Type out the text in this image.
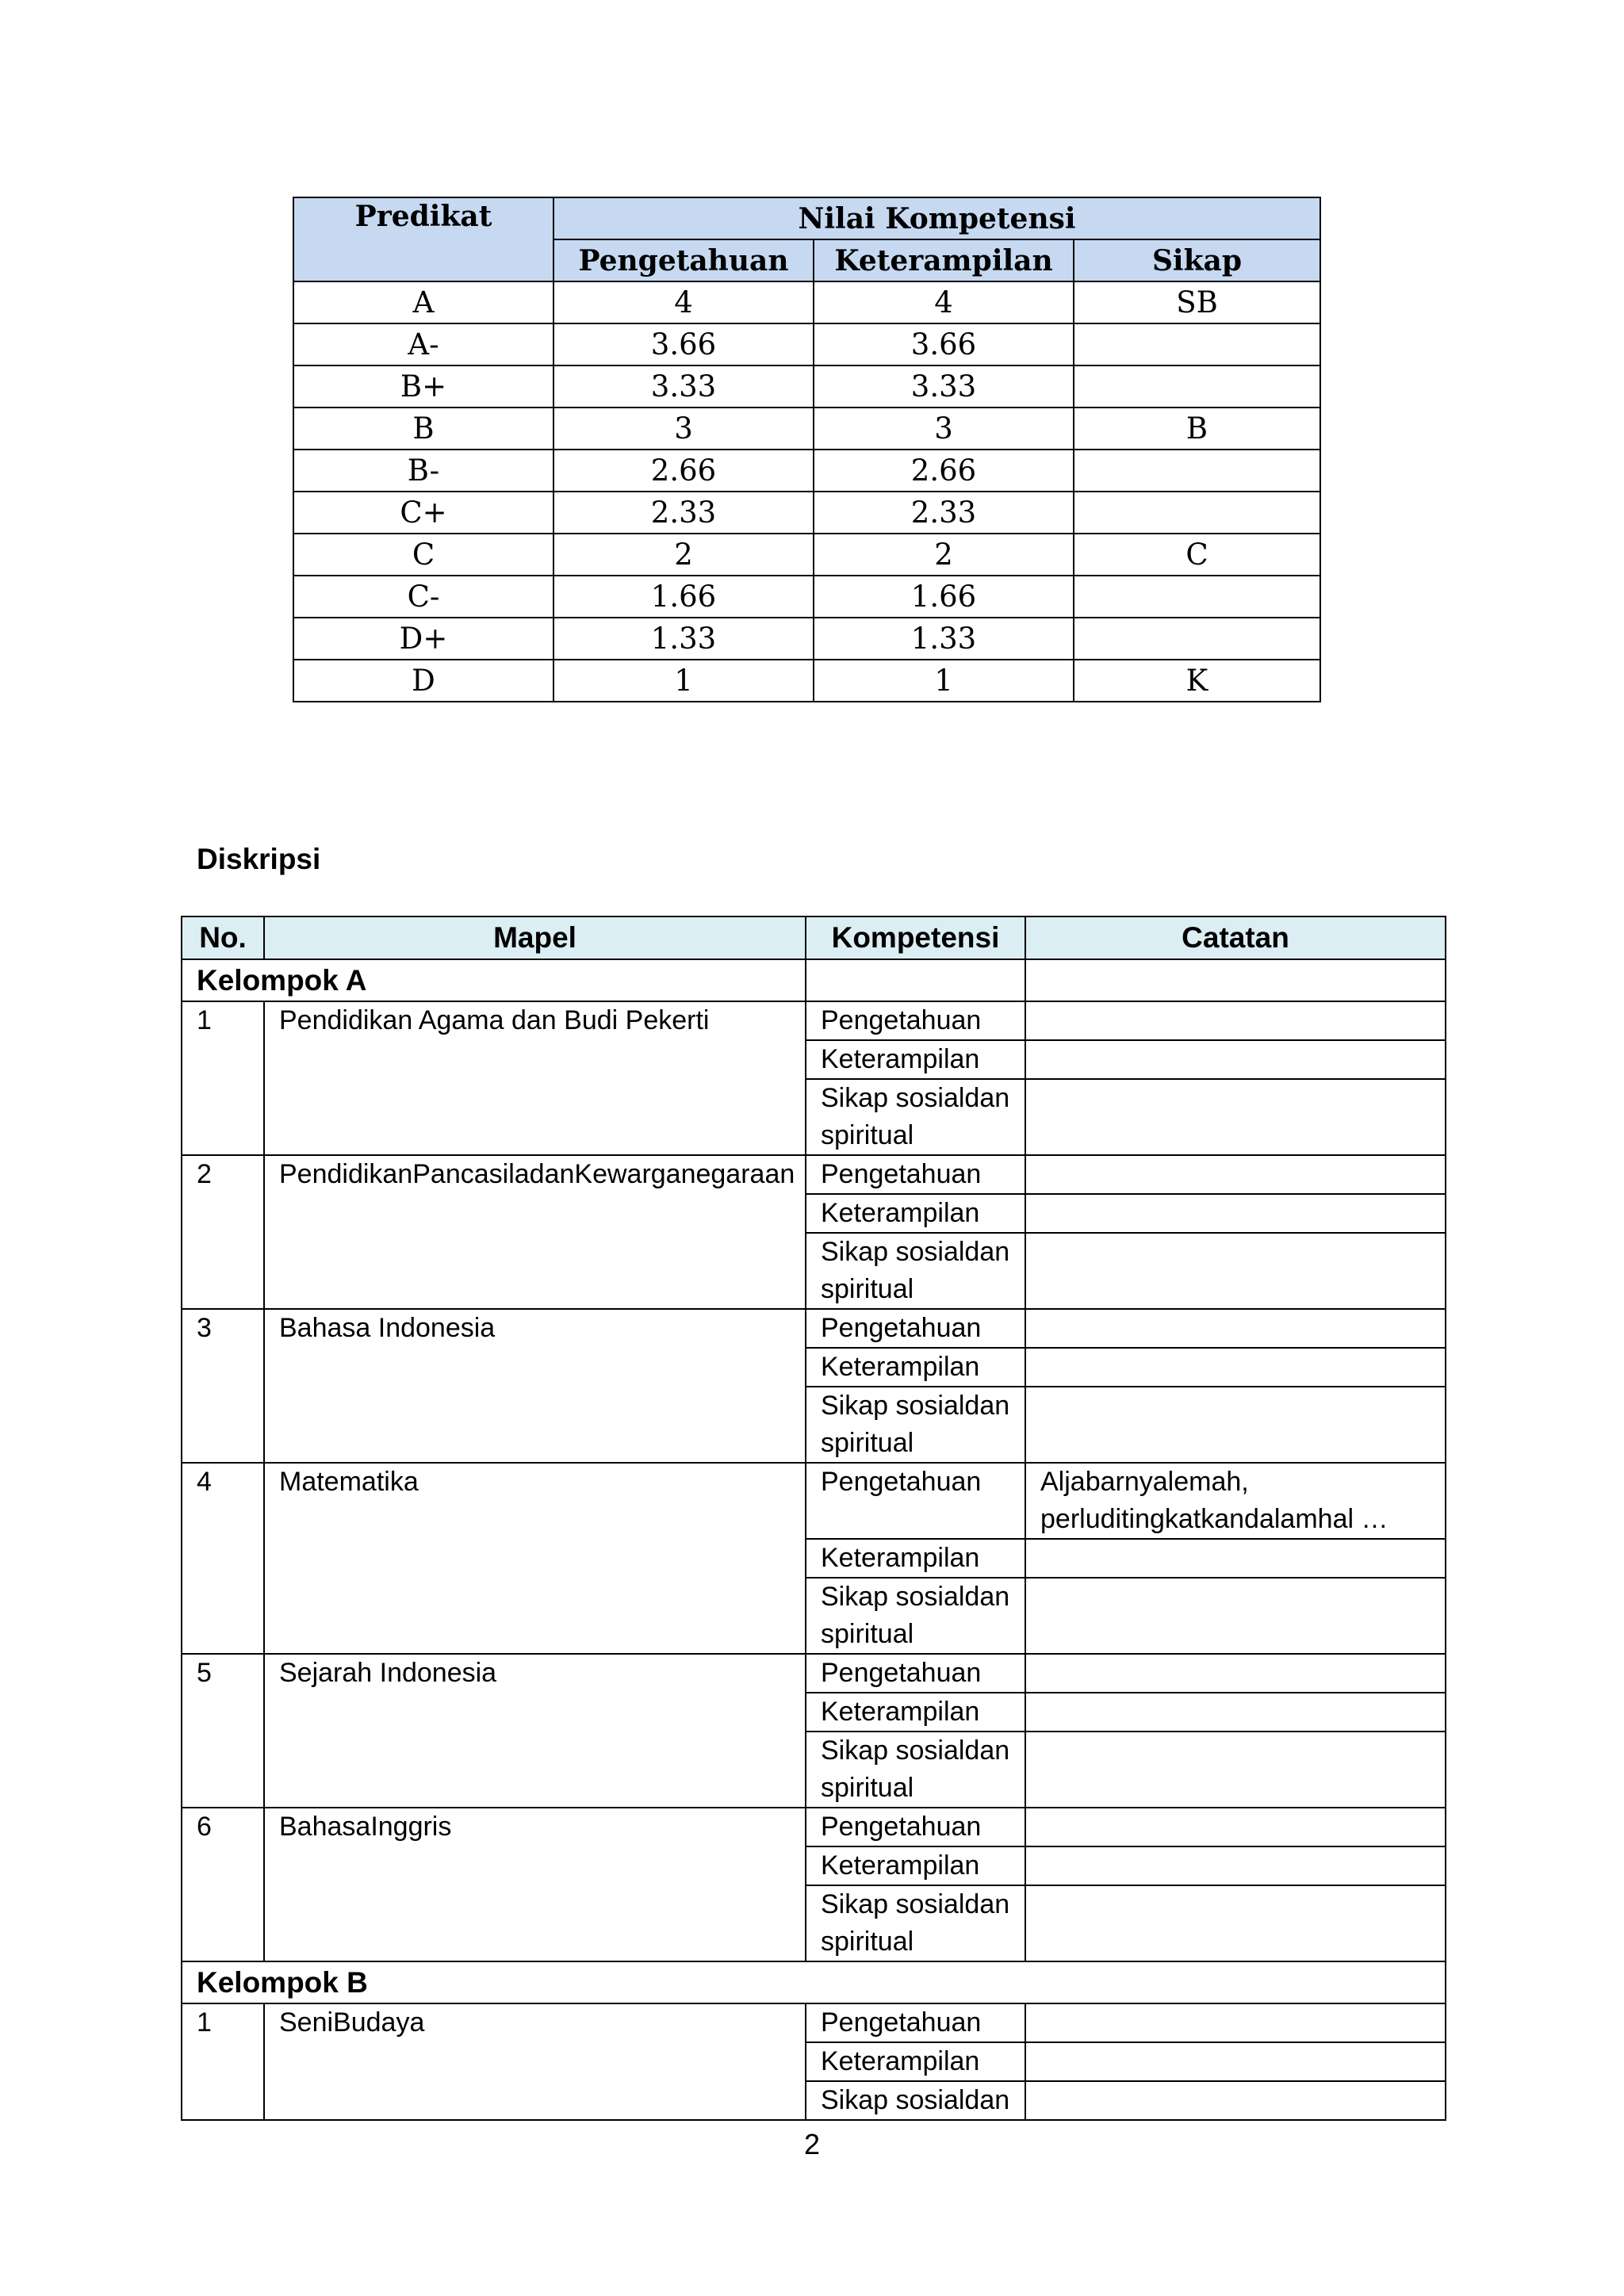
Predikat	Nilai Kompetensi		
	Pengetahuan	Keterampilan	Sikap
A	4	4	SB
A-	3.66	3.66	
B+	3.33	3.33	
B	3	3	B
B-	2.66	2.66	
C+	2.33	2.33	
C	2	2	C
C-	1.66	1.66	
D+	1.33	1.33	
D	1	1	K
Diskripsi
No.	Mapel	Kompetensi	Catatan
Kelompok A			
1	Pendidikan Agama dan Budi Pekerti	Pengetahuan	
		Keterampilan	
		Sikap sosialdan spiritual	
2	PendidikanPancasiladanKewarganegaraan	Pengetahuan	
		Keterampilan	
		Sikap sosialdan spiritual	
3	Bahasa Indonesia	Pengetahuan	
		Keterampilan	
		Sikap sosialdan spiritual	
4	Matematika	Pengetahuan	Aljabarnyalemah, perluditingkatkandalamhal …
		Keterampilan	
		Sikap sosialdan spiritual	
5	Sejarah Indonesia	Pengetahuan	
		Keterampilan	
		Sikap sosialdan spiritual	
6	BahasaInggris	Pengetahuan	
		Keterampilan	
		Sikap sosialdan spiritual	
Kelompok B			
1	SeniBudaya	Pengetahuan	
		Keterampilan	
		Sikap sosialdan	
2
